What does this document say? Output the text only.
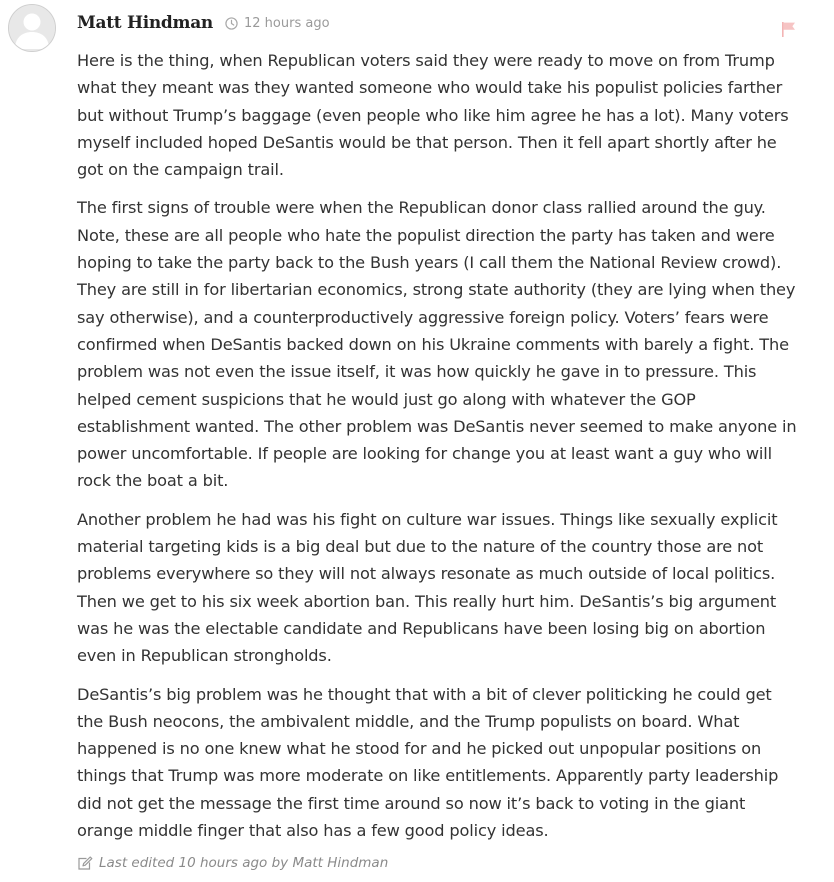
Matt Hindman 12 hours ago

Here is the thing, when Republican voters said they were ready to move on from Trump what they meant was they wanted someone who would take his populist policies farther but without Trump’s baggage (even people who like him agree he has a lot). Many voters myself included hoped DeSantis would be that person. Then it fell apart shortly after he got on the campaign trail.

The first signs of trouble were when the Republican donor class rallied around the guy. Note, these are all people who hate the populist direction the party has taken and were hoping to take the party back to the Bush years (I call them the National Review crowd). They are still in for libertarian economics, strong state authority (they are lying when they say otherwise), and a counterproductively aggressive foreign policy. Voters’ fears were confirmed when DeSantis backed down on his Ukraine comments with barely a fight. The problem was not even the issue itself, it was how quickly he gave in to pressure. This helped cement suspicions that he would just go along with whatever the GOP establishment wanted. The other problem was DeSantis never seemed to make anyone in power uncomfortable. If people are looking for change you at least want a guy who will rock the boat a bit.

Another problem he had was his fight on culture war issues. Things like sexually explicit material targeting kids is a big deal but due to the nature of the country those are not problems everywhere so they will not always resonate as much outside of local politics. Then we get to his six week abortion ban. This really hurt him. DeSantis’s big argument was he was the electable candidate and Republicans have been losing big on abortion even in Republican strongholds.

DeSantis’s big problem was he thought that with a bit of clever politicking he could get the Bush neocons, the ambivalent middle, and the Trump populists on board. What happened is no one knew what he stood for and he picked out unpopular positions on things that Trump was more moderate on like entitlements. Apparently party leadership did not get the message the first time around so now it’s back to voting in the giant orange middle finger that also has a few good policy ideas.

Last edited 10 hours ago by Matt Hindman
